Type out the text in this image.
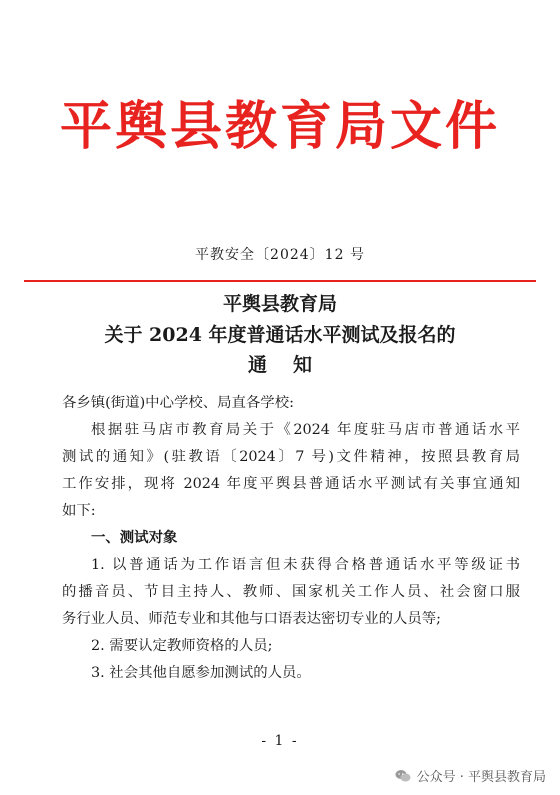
平舆县教育局文件
平教安全〔2024〕12 号
平舆县教育局
关于 2024 年度普通话水平测试及报名的
通知
各乡镇(街道)中心学校、局直各学校:
根据驻马店市教育局关于《2024 年度驻马店市普通话水平
测试的通知》(驻教语〔2024〕7 号)文件精神，按照县教育局
工作安排，现将 2024 年度平舆县普通话水平测试有关事宜通知
如下:
一、测试对象
1. 以普通话为工作语言但未获得合格普通话水平等级证书
的播音员、节目主持人、教师、国家机关工作人员、社会窗口服
务行业人员、师范专业和其他与口语表达密切专业的人员等;
2. 需要认定教师资格的人员;
3. 社会其他自愿参加测试的人员。
- 1 -
公众号 · 平舆县教育局
